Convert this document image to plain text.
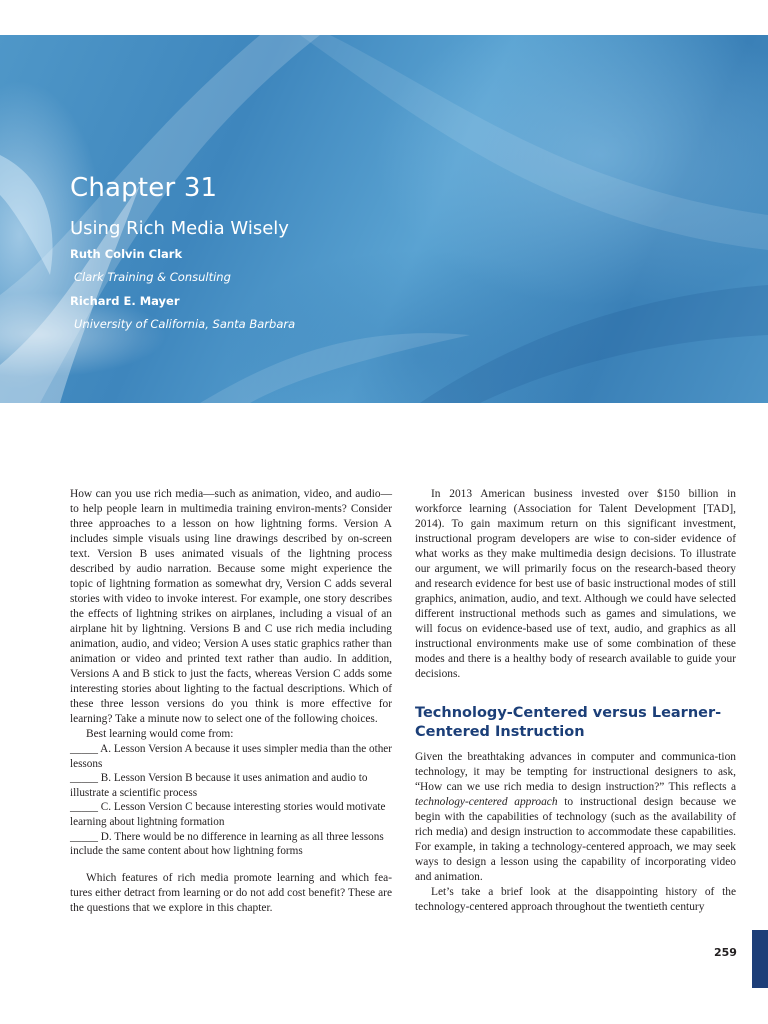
Chapter 31
Using Rich Media Wisely

Ruth Colvin Clark

Clark Training & Consulting

Richard E. Mayer

University of California, Santa Barbara

How can you use rich media—such as animation, video, and audio—to help people learn in multimedia training environ-ments? Consider three approaches to a lesson on how lightning forms. Version A includes simple visuals using line drawings described by on-screen text. Version B uses animated visuals of the lightning process described by audio narration. Because some might experience the topic of lightning formation as somewhat dry, Version C adds several stories with video to invoke interest. For example, one story describes the effects of lightning strikes on airplanes, including a visual of an airplane hit by lightning. Versions B and C use rich media including animation, audio, and video; Version A uses static graphics rather than animation or video and printed text rather than audio. In addition, Versions A and B stick to just the facts, whereas Version C adds some interesting stories about lighting to the factual descriptions. Which of these three lesson versions do you think is more effective for learning? Take a minute now to select one of the following choices.

Best learning would come from:

_____ A. Lesson Version A because it uses simpler media than the other lessons

_____ B. Lesson Version B because it uses animation and audio to illustrate a scientific process

_____ C. Lesson Version C because interesting stories would motivate learning about lightning formation

_____ D. There would be no difference in learning as all three lessons include the same content about how lightning forms

Which features of rich media promote learning and which fea-tures either detract from learning or do not add cost benefit? These are the questions that we explore in this chapter.

In 2013 American business invested over $150 billion in workforce learning (Association for Talent Development [TAD], 2014). To gain maximum return on this significant investment, instructional program developers are wise to con-sider evidence of what works as they make multimedia design decisions. To illustrate our argument, we will primarily focus on the research-based theory and research evidence for best use of basic instructional modes of still graphics, animation, audio, and text. Although we could have selected different instructional methods such as games and simulations, we will focus on evidence-based use of text, audio, and graphics as all instructional environments make use of some combination of these modes and there is a healthy body of research available to guide your decisions.

Technology-Centered versus Learner-Centered Instruction

Given the breathtaking advances in computer and communica-tion technology, it may be tempting for instructional designers to ask, “How can we use rich media to design instruction?” This reflects a technology-centered approach to instructional design because we begin with the capabilities of technology (such as the availability of rich media) and design instruction to accommodate these capabilities. For example, in taking a technology-centered approach, we may seek ways to design a lesson using the capability of incorporating video and animation.

Let’s take a brief look at the disappointing history of the technology-centered approach throughout the twentieth century

259
